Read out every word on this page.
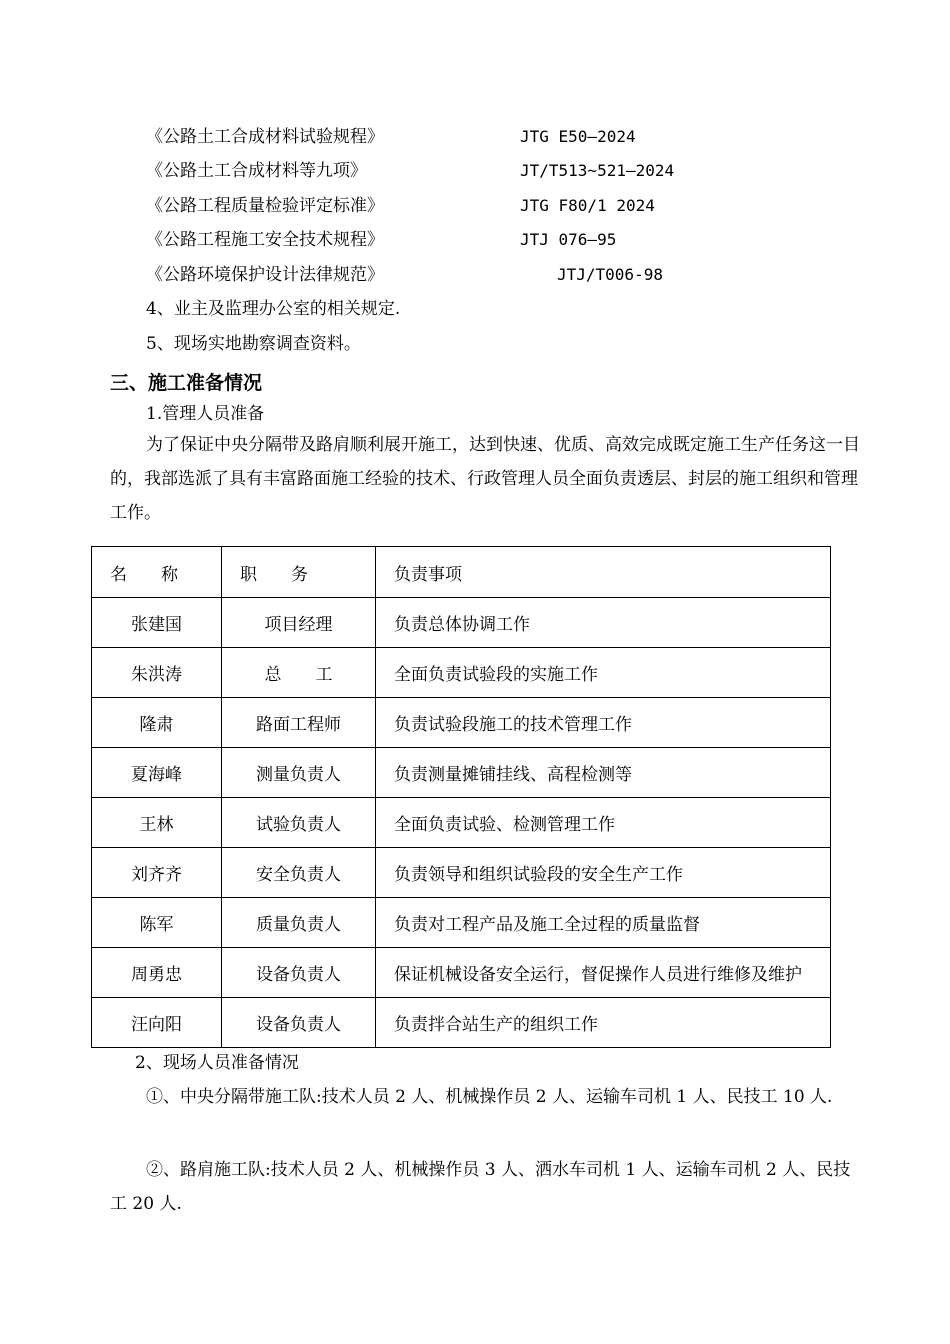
《公路土工合成材料试验规程》	JTG E50—2024
《公路土工合成材料等九项》	JT/T513~521—2024
《公路工程质量检验评定标准》	JTG F80/1 2024
《公路工程施工安全技术规程》	JTJ 076—95
《公路环境保护设计法律规范》	JTJ/T006-98
4、业主及监理办公室的相关规定.
5、现场实地勘察调查资料。
三、施工准备情况
1.管理人员准备
为了保证中央分隔带及路肩顺利展开施工，达到快速、优质、高效完成既定施工生产任务这一目的，我部选派了具有丰富路面施工经验的技术、行政管理人员全面负责透层、封层的施工组织和管理工作。
名　　称	职　　务	负责事项
张建国	项目经理	负责总体协调工作
朱洪涛	总　　工	全面负责试验段的实施工作
隆肃	路面工程师	负责试验段施工的技术管理工作
夏海峰	测量负责人	负责测量摊铺挂线、高程检测等
王林	试验负责人	全面负责试验、检测管理工作
刘齐齐	安全负责人	负责领导和组织试验段的安全生产工作
陈军	质量负责人	负责对工程产品及施工全过程的质量监督
周勇忠	设备负责人	保证机械设备安全运行，督促操作人员进行维修及维护
汪向阳	设备负责人	负责拌合站生产的组织工作
2、现场人员准备情况
①、中央分隔带施工队:技术人员 2 人、机械操作员 2 人、运输车司机 1 人、民技工 10 人.
②、路肩施工队:技术人员 2 人、机械操作员 3 人、洒水车司机 1 人、运输车司机 2 人、民技工 20 人.
